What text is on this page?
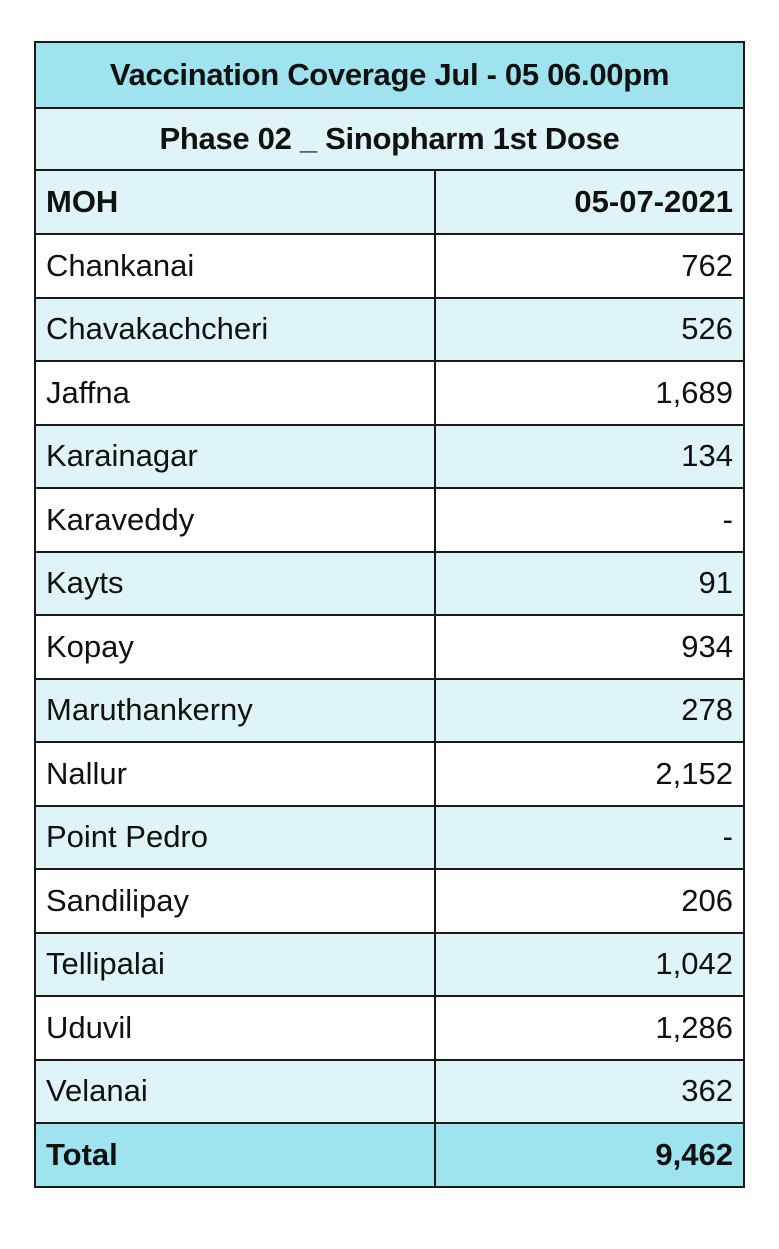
Vaccination Coverage Jul - 05 06.00pm
Phase 02 _ Sinopharm 1st Dose
MOH	05-07-2021
Chankanai	762
Chavakachcheri	526
Jaffna	1,689
Karainagar	134
Karaveddy	-
Kayts	91
Kopay	934
Maruthankerny	278
Nallur	2,152
Point Pedro	-
Sandilipay	206
Tellipalai	1,042
Uduvil	1,286
Velanai	362
Total	9,462
